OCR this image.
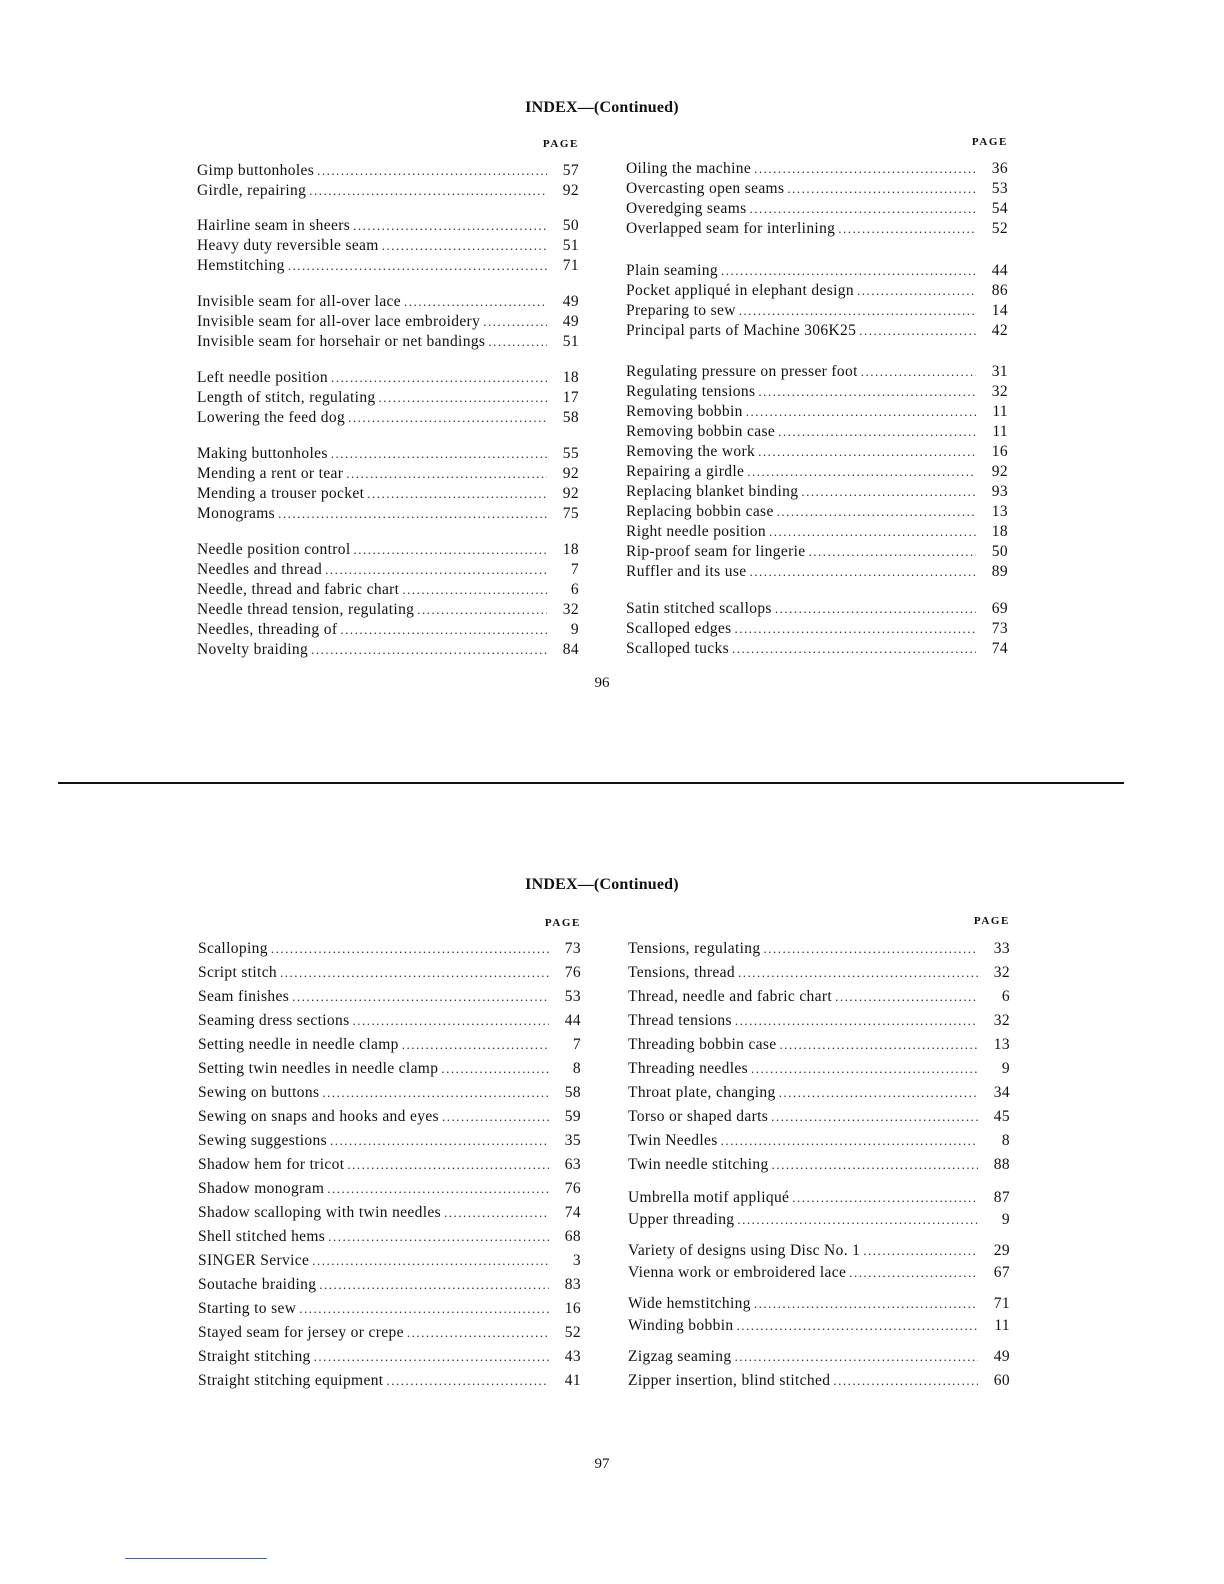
INDEX—(Continued)
PAGE
Gimp buttonholes .....	57
Girdle, repairing .....	92
Hairline seam in sheers .....	50
Heavy duty reversible seam .....	51
Hemstitching .....	71
Invisible seam for all-over lace .....	49
Invisible seam for all-over lace embroidery .....	49
Invisible seam for horsehair or net bandings .....	51
Left needle position .....	18
Length of stitch, regulating .....	17
Lowering the feed dog .....	58
Making buttonholes .....	55
Mending a rent or tear .....	92
Mending a trouser pocket .....	92
Monograms .....	75
Needle position control .....	18
Needles and thread .....	7
Needle, thread and fabric chart .....	6
Needle thread tension, regulating .....	32
Needles, threading of .....	9
Novelty braiding .....	84
PAGE
Oiling the machine .....	36
Overcasting open seams .....	53
Overedging seams .....	54
Overlapped seam for interlining .....	52
Plain seaming .....	44
Pocket appliqué in elephant design .....	86
Preparing to sew .....	14
Principal parts of Machine 306K25 .....	42
Regulating pressure on presser foot .....	31
Regulating tensions .....	32
Removing bobbin .....	11
Removing bobbin case .....	11
Removing the work .....	16
Repairing a girdle .....	92
Replacing blanket binding .....	93
Replacing bobbin case .....	13
Right needle position .....	18
Rip-proof seam for lingerie .....	50
Ruffler and its use .....	89
Satin stitched scallops .....	69
Scalloped edges .....	73
Scalloped tucks .....	74
96
INDEX—(Continued)
PAGE
Scalloping .....	73
Script stitch .....	76
Seam finishes .....	53
Seaming dress sections .....	44
Setting needle in needle clamp .....	7
Setting twin needles in needle clamp .....	8
Sewing on buttons .....	58
Sewing on snaps and hooks and eyes .....	59
Sewing suggestions .....	35
Shadow hem for tricot .....	63
Shadow monogram .....	76
Shadow scalloping with twin needles .....	74
Shell stitched hems .....	68
SINGER Service .....	3
Soutache braiding .....	83
Starting to sew .....	16
Stayed seam for jersey or crepe .....	52
Straight stitching .....	43
Straight stitching equipment .....	41
PAGE
Tensions, regulating .....	33
Tensions, thread .....	32
Thread, needle and fabric chart .....	6
Thread tensions .....	32
Threading bobbin case .....	13
Threading needles .....	9
Throat plate, changing .....	34
Torso or shaped darts .....	45
Twin Needles .....	8
Twin needle stitching .....	88
Umbrella motif appliqué .....	87
Upper threading .....	9
Variety of designs using Disc No. 1 .....	29
Vienna work or embroidered lace .....	67
Wide hemstitching .....	71
Winding bobbin .....	11
Zigzag seaming .....	49
Zipper insertion, blind stitched .....	60
97
